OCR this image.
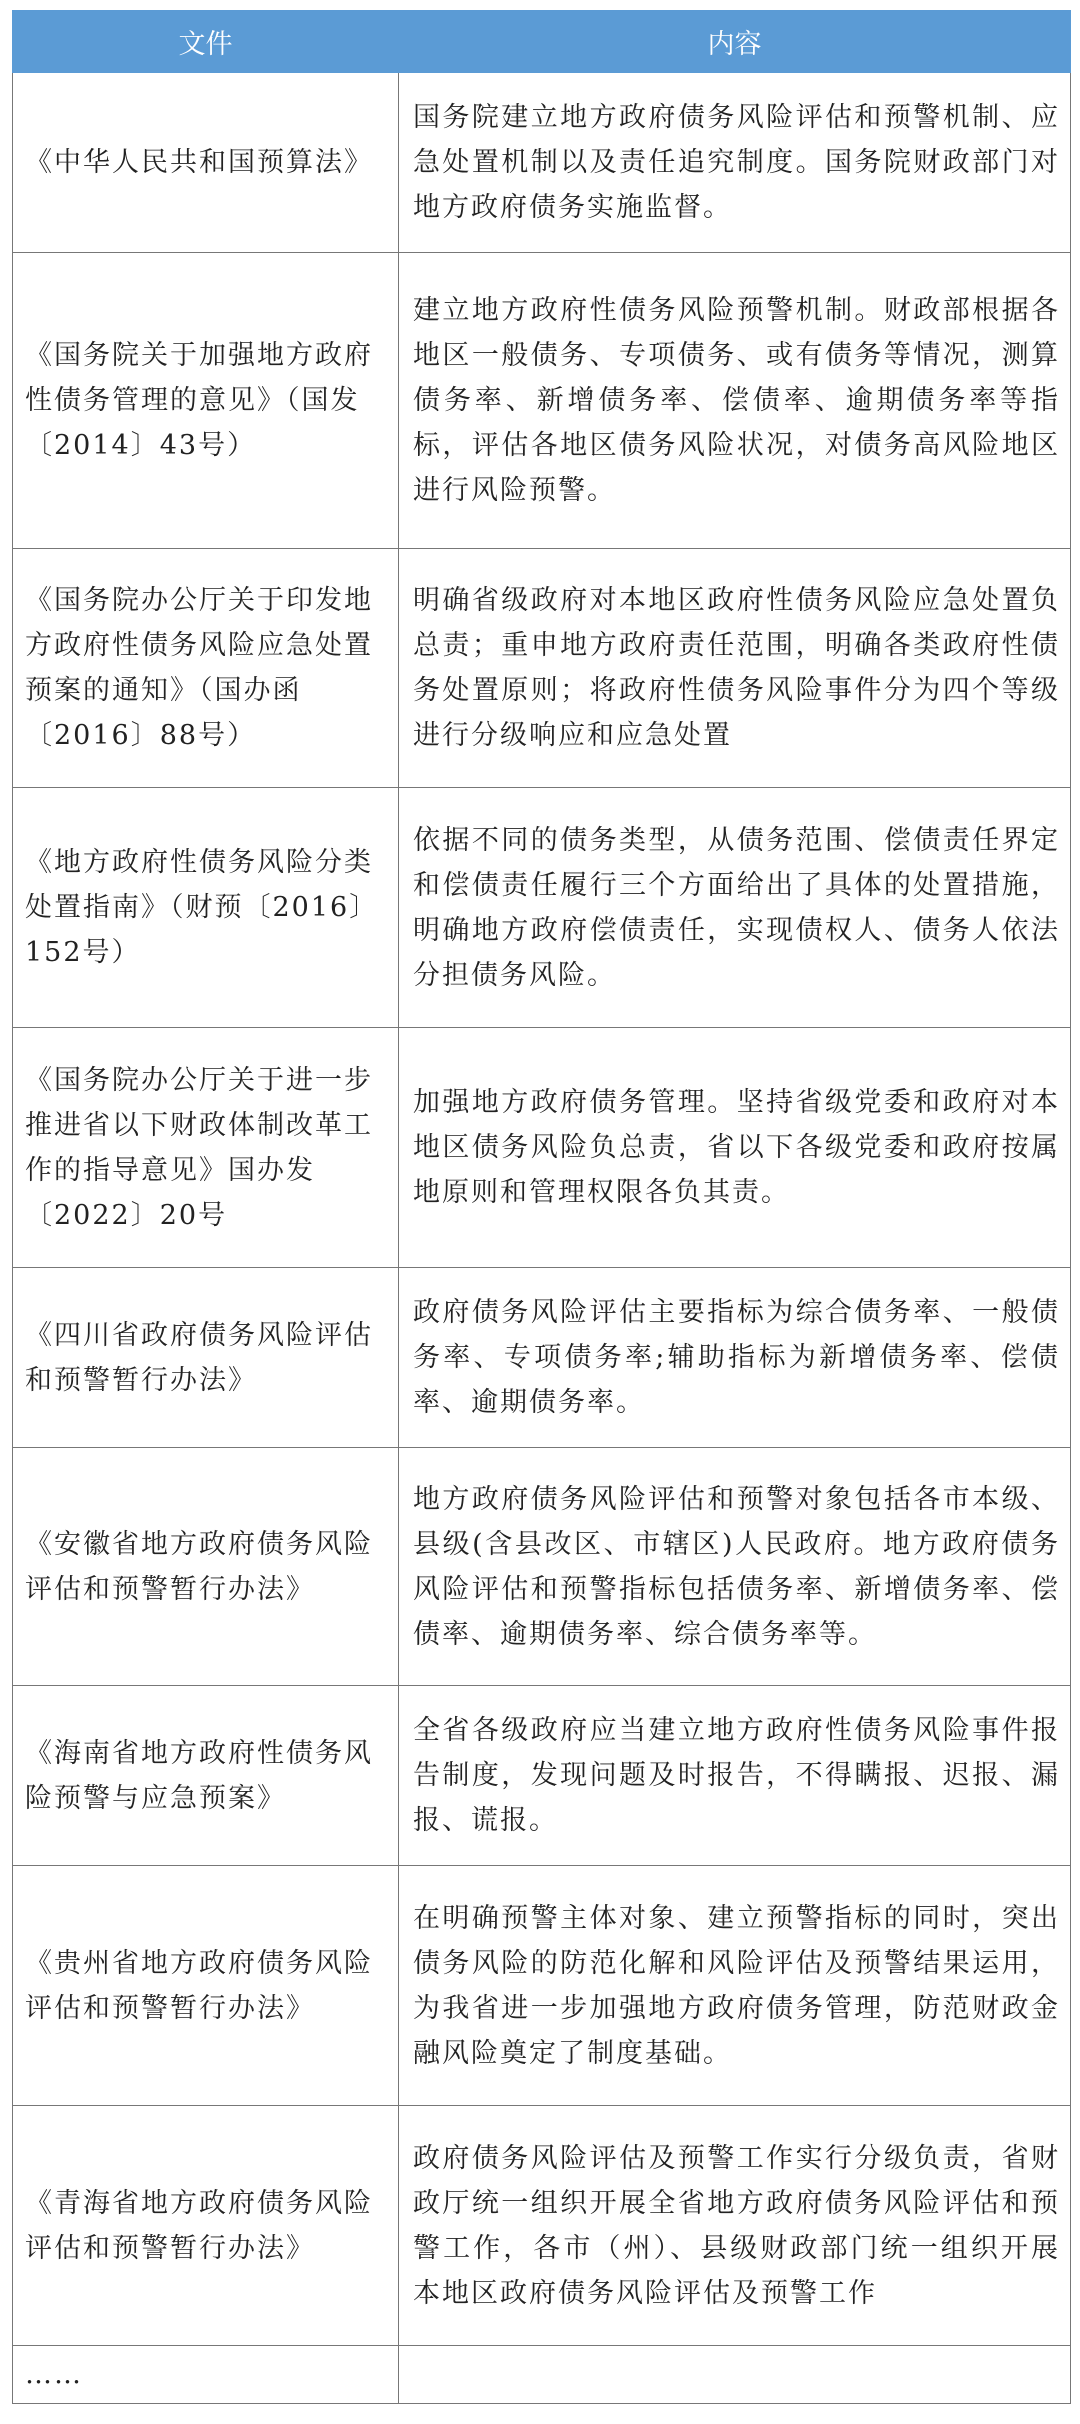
文件	内容

《中华人民共和国预算法》	国务院建立地方政府债务风险评估和预警机制、应急处置机制以及责任追究制度。国务院财政部门对地方政府债务实施监督。

《国务院关于加强地方政府性债务管理的意见》（国发〔2014〕43号）	建立地方政府性债务风险预警机制。财政部根据各地区一般债务、专项债务、或有债务等情况，测算债务率、新增债务率、偿债率、逾期债务率等指标，评估各地区债务风险状况，对债务高风险地区进行风险预警。

《国务院办公厅关于印发地方政府性债务风险应急处置预案的通知》（国办函〔2016〕88号）	明确省级政府对本地区政府性债务风险应急处置负总责；重申地方政府责任范围，明确各类政府性债务处置原则；将政府性债务风险事件分为四个等级进行分级响应和应急处置

《地方政府性债务风险分类处置指南》（财预〔2016〕152号）	依据不同的债务类型，从债务范围、偿债责任界定和偿债责任履行三个方面给出了具体的处置措施，明确地方政府偿债责任，实现债权人、债务人依法分担债务风险。

《国务院办公厅关于进一步推进省以下财政体制改革工作的指导意见》国办发〔2022〕20号	加强地方政府债务管理。坚持省级党委和政府对本地区债务风险负总责，省以下各级党委和政府按属地原则和管理权限各负其责。

《四川省政府债务风险评估和预警暂行办法》	政府债务风险评估主要指标为综合债务率、一般债务率、专项债务率;辅助指标为新增债务率、偿债率、逾期债务率。

《安徽省地方政府债务风险评估和预警暂行办法》	地方政府债务风险评估和预警对象包括各市本级、县级(含县改区、市辖区)人民政府。地方政府债务风险评估和预警指标包括债务率、新增债务率、偿债率、逾期债务率、综合债务率等。

《海南省地方政府性债务风险预警与应急预案》	全省各级政府应当建立地方政府性债务风险事件报告制度，发现问题及时报告，不得瞒报、迟报、漏报、谎报。

《贵州省地方政府债务风险评估和预警暂行办法》	在明确预警主体对象、建立预警指标的同时，突出债务风险的防范化解和风险评估及预警结果运用，为我省进一步加强地方政府债务管理，防范财政金融风险奠定了制度基础。

《青海省地方政府债务风险评估和预警暂行办法》	政府债务风险评估及预警工作实行分级负责，省财政厅统一组织开展全省地方政府债务风险评估和预警工作，各市（州）、县级财政部门统一组织开展本地区政府债务风险评估及预警工作

……	
